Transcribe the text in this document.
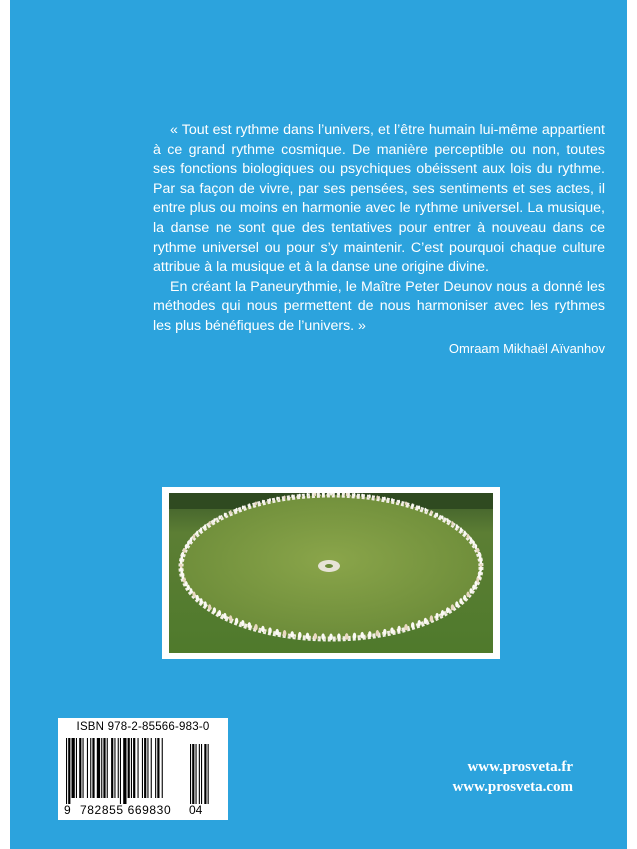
« Tout est rythme dans l’univers, et l’être humain lui-même appartient à ce grand rythme cosmique. De manière perceptible ou non, toutes ses fonctions biologiques ou psychiques obéissent aux lois du rythme. Par sa façon de vivre, par ses pensées, ses sentiments et ses actes, il entre plus ou moins en harmonie avec le rythme universel. La musique, la danse ne sont que des tentatives pour entrer à nouveau dans ce rythme universel ou pour s’y maintenir. C’est pourquoi chaque culture attribue à la musique et à la danse une origine divine.

En créant la Paneurythmie, le Maître Peter Deunov nous a donné les méthodes qui nous permettent de nous harmoniser avec les rythmes les plus bénéfiques de l’univers. »

Omraam Mikhaël Aïvanhov

ISBN 978-2-85566-983-0
9 782855 669830 04
www.prosveta.fr
www.prosveta.com
